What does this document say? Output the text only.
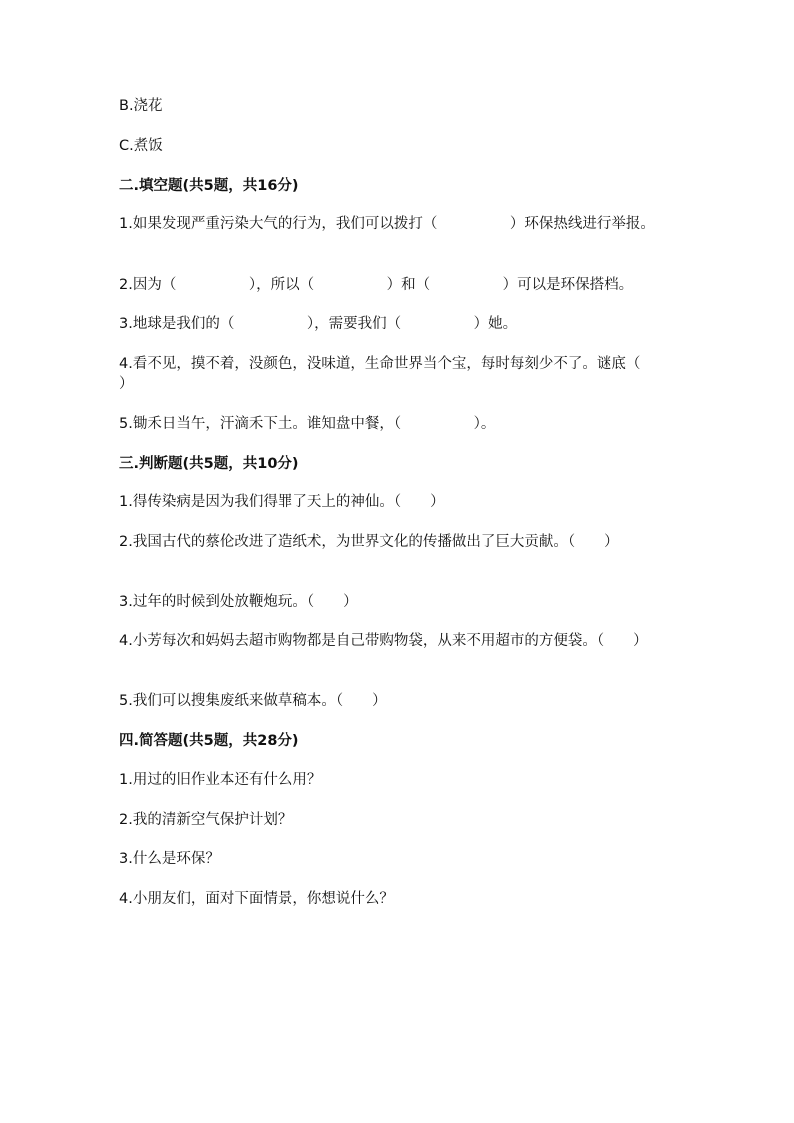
B.浇花
C.煮饭
二.填空题(共5题，共16分)
1.如果发现严重污染大气的行为，我们可以拨打（　　　　　）环保热线进行举报。
2.因为（　　　　　），所以（　　　　　）和（　　　　　）可以是环保搭档。
3.地球是我们的（　　　　　），需要我们（　　　　　）她。
4.看不见，摸不着，没颜色，没味道，生命世界当个宝，每时每刻少不了。谜底（　　　　　）
5.锄禾日当午，汗滴禾下土。谁知盘中餐，（　　　　　）。
三.判断题(共5题，共10分)
1.得传染病是因为我们得罪了天上的神仙。（　　）
2.我国古代的蔡伦改进了造纸术，为世界文化的传播做出了巨大贡献。（　　）
3.过年的时候到处放鞭炮玩。（　　）
4.小芳每次和妈妈去超市购物都是自己带购物袋，从来不用超市的方便袋。（　　）
5.我们可以搜集废纸来做草稿本。（　　）
四.简答题(共5题，共28分)
1.用过的旧作业本还有什么用？
2.我的清新空气保护计划？
3.什么是环保？
4.小朋友们，面对下面情景，你想说什么？
